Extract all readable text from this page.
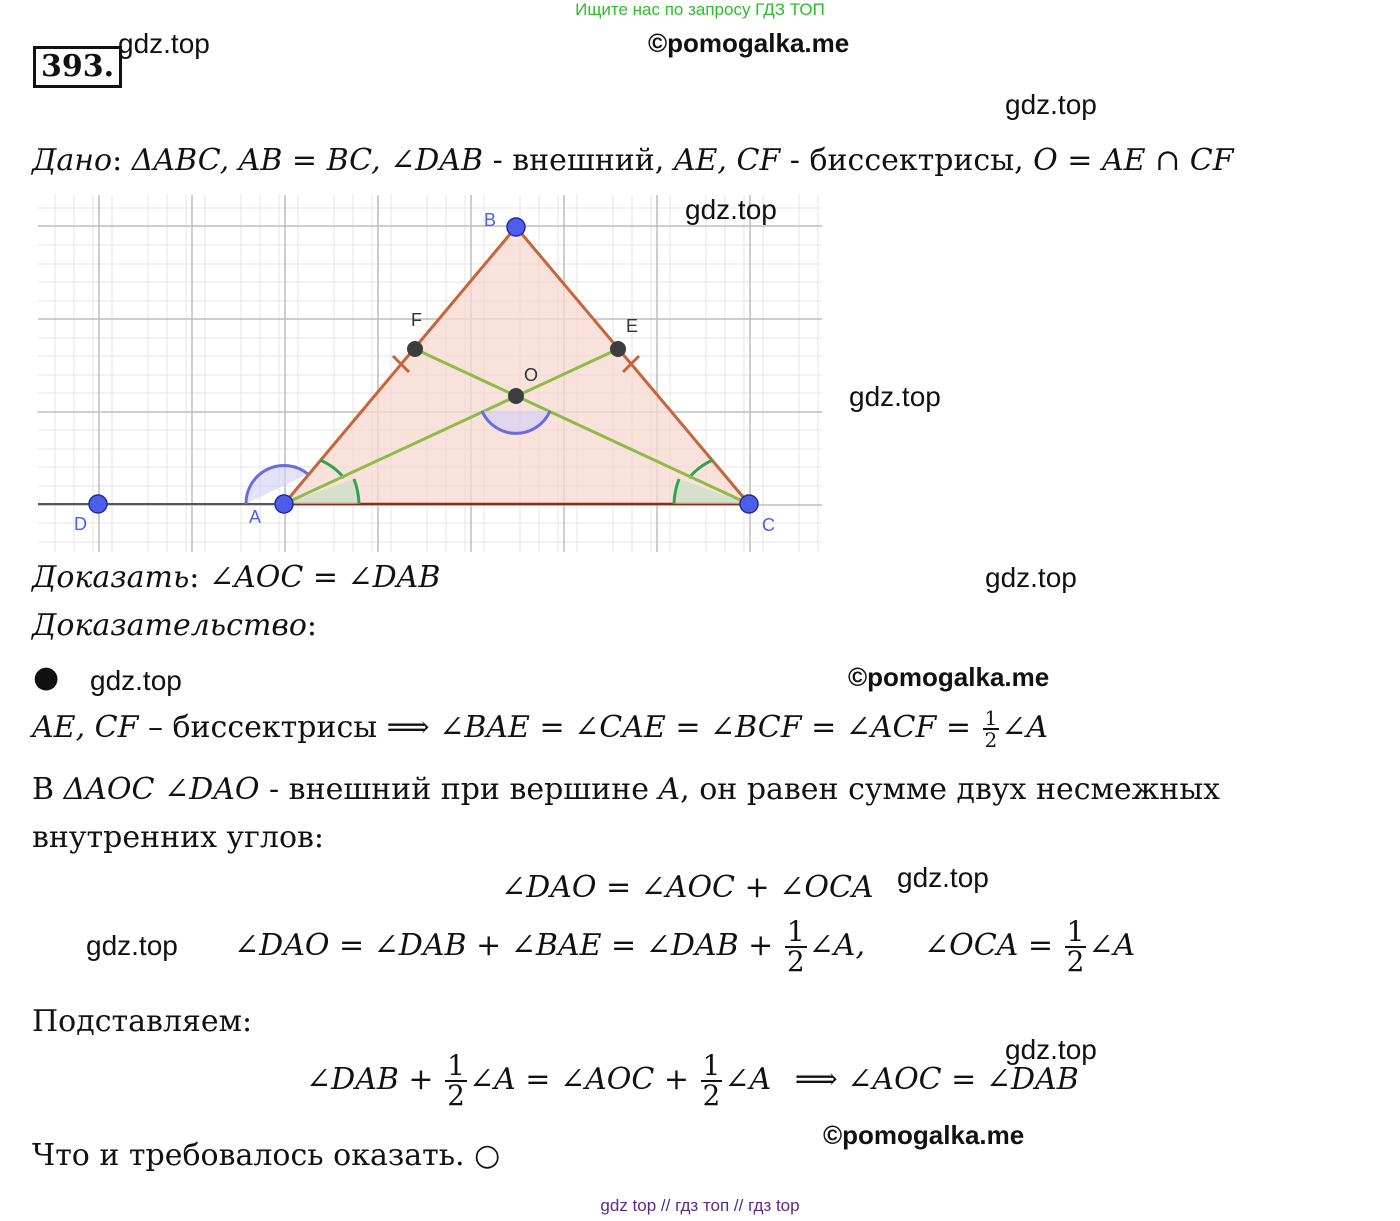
Ищите нас по запросу ГДЗ ТОП
393.
gdz.top	©pomogalka.me
gdz.top
Дано: ΔABC, AB = BC, ∠DAB - внешний, AE, CF - биссектрисы, O = AE ∩ CF
D	A
B
C
F	E
O
gdz.top
gdz.top
Доказать: ∠AOC = ∠DAB	gdz.top
Доказательство:
● gdz.top	©pomogalka.me
AE, CF – биссектрисы ⟹ ∠BAE = ∠CAE = ∠BCF = ∠ACF = $\frac{1}{2}$ ∠A
В ΔAOC ∠DAO - внешний при вершине A, он равен сумме двух несмежных
внутренних углов:
∠DAO = ∠AOC + ∠OCA gdz.top
gdz.top ∠DAO = ∠DAB + ∠BAE = ∠DAB + $\frac{1}{2}$ ∠A, ∠OCA = $\frac{1}{2}$ ∠A
Подставляем:
gdz.top
∠DAB + $\frac{1}{2}$ ∠A = ∠AOC + $\frac{1}{2}$ ∠A ⟹ ∠AOC = ∠DAB
©pomogalka.me
Что и требовалось оказать. ○
gdz top // гдз топ // гдз top
